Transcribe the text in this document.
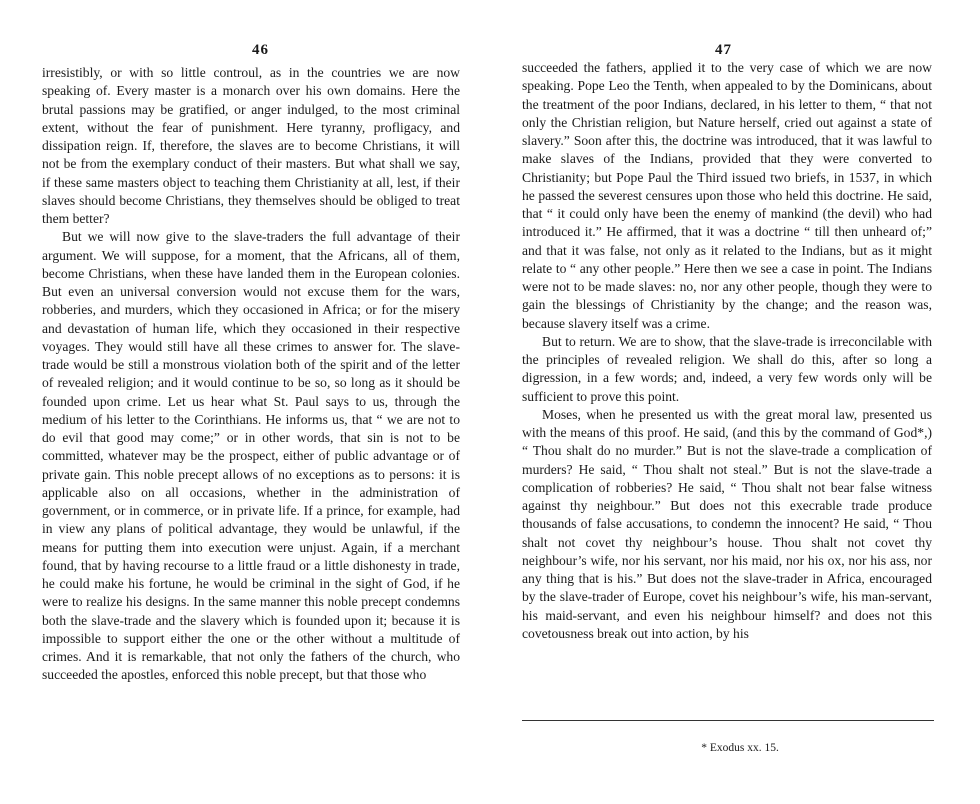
46

irresistibly, or with so little controul, as in the countries we are now speaking of. Every master is a monarch over his own domains. Here the brutal passions may be gratified, or anger indulged, to the most criminal extent, without the fear of punishment. Here tyranny, profligacy, and dissipation reign. If, therefore, the slaves are to become Christians, it will not be from the exemplary conduct of their masters. But what shall we say, if these same masters object to teaching them Christianity at all, lest, if their slaves should become Christians, they themselves should be obliged to treat them better?

But we will now give to the slave-traders the full advantage of their argument. We will suppose, for a moment, that the Africans, all of them, become Christians, when these have landed them in the European colonies. But even an universal conversion would not excuse them for the wars, robberies, and murders, which they occasioned in Africa; or for the misery and devastation of human life, which they occasioned in their respective voyages. They would still have all these crimes to answer for. The slave-trade would be still a monstrous violation both of the spirit and of the letter of revealed religion; and it would continue to be so, so long as it should be founded upon crime. Let us hear what St. Paul says to us, through the medium of his letter to the Corinthians. He informs us, that “ we are not to do evil that good may come;” or in other words, that sin is not to be committed, whatever may be the prospect, either of public advantage or of private gain. This noble precept allows of no exceptions as to persons: it is applicable also on all occasions, whether in the administration of government, or in commerce, or in private life. If a prince, for example, had in view any plans of political advantage, they would be unlawful, if the means for putting them into execution were unjust. Again, if a merchant found, that by having recourse to a little fraud or a little dishonesty in trade, he could make his fortune, he would be criminal in the sight of God, if he were to realize his designs. In the same manner this noble precept condemns both the slave-trade and the slavery which is founded upon it; because it is impossible to support either the one or the other without a multitude of crimes. And it is remarkable, that not only the fathers of the church, who succeeded the apostles, enforced this noble precept, but that those who

47

succeeded the fathers, applied it to the very case of which we are now speaking. Pope Leo the Tenth, when appealed to by the Dominicans, about the treatment of the poor Indians, declared, in his letter to them, “ that not only the Christian religion, but Nature herself, cried out against a state of slavery.” Soon after this, the doctrine was introduced, that it was lawful to make slaves of the Indians, provided that they were converted to Christianity; but Pope Paul the Third issued two briefs, in 1537, in which he passed the severest censures upon those who held this doctrine. He said, that “ it could only have been the enemy of mankind (the devil) who had introduced it.” He affirmed, that it was a doctrine “ till then unheard of;” and that it was false, not only as it related to the Indians, but as it might relate to “ any other people.” Here then we see a case in point. The Indians were not to be made slaves: no, nor any other people, though they were to gain the blessings of Christianity by the change; and the reason was, because slavery itself was a crime.

But to return. We are to show, that the slave-trade is irreconcilable with the principles of revealed religion. We shall do this, after so long a digression, in a few words; and, indeed, a very few words only will be sufficient to prove this point.

Moses, when he presented us with the great moral law, presented us with the means of this proof. He said, (and this by the command of God*,) “ Thou shalt do no murder.” But is not the slave-trade a complication of murders? He said, “ Thou shalt not steal.” But is not the slave-trade a complication of robberies? He said, “ Thou shalt not bear false witness against thy neighbour.” But does not this execrable trade produce thousands of false accusations, to condemn the innocent? He said, “ Thou shalt not covet thy neighbour’s house. Thou shalt not covet thy neighbour’s wife, nor his servant, nor his maid, nor his ox, nor his ass, nor any thing that is his.” But does not the slave-trader in Africa, encouraged by the slave-trader of Europe, covet his neighbour’s wife, his man-servant, his maid-servant, and even his neighbour himself? and does not this covetousness break out into action, by his

* Exodus xx. 15.
